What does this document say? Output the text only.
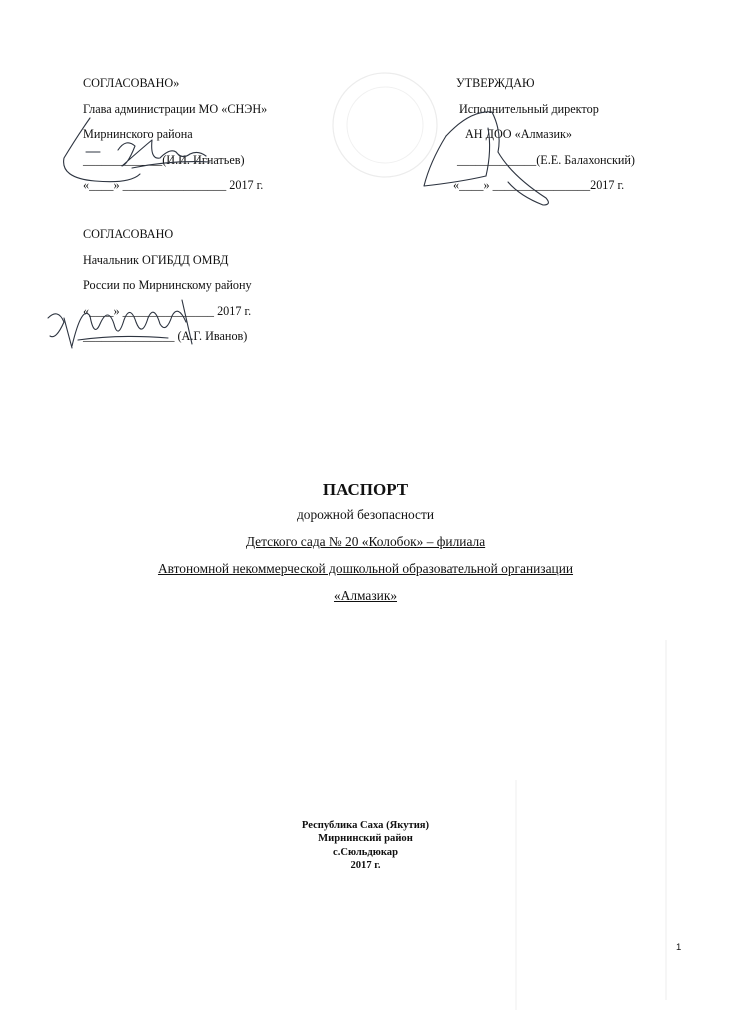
СОГЛАСОВАНО»
Глава администрации МО «СНЭН»
Мирнинского района
_____________(И.И. Игнатьев)
«____» _________________ 2017 г.
УТВЕРЖДАЮ
Исполнительный директор
АН ДОО «Алмазик»
_____________(Е.Е. Балахонский)
«____» ________________2017 г.
СОГЛАСОВАНО
Начальник ОГИБДД ОМВД
России по Мирнинскому району
«____» _______________ 2017 г.
_______________ (А.Г. Иванов)
ПАСПОРТ
дорожной безопасности
Детского сада № 20 «Колобок» – филиала
Автономной некоммерческой дошкольной образовательной организации
«Алмазик»
Республика Саха (Якутия)
Мирнинский район
с.Сюльдюкар
2017 г.
1
